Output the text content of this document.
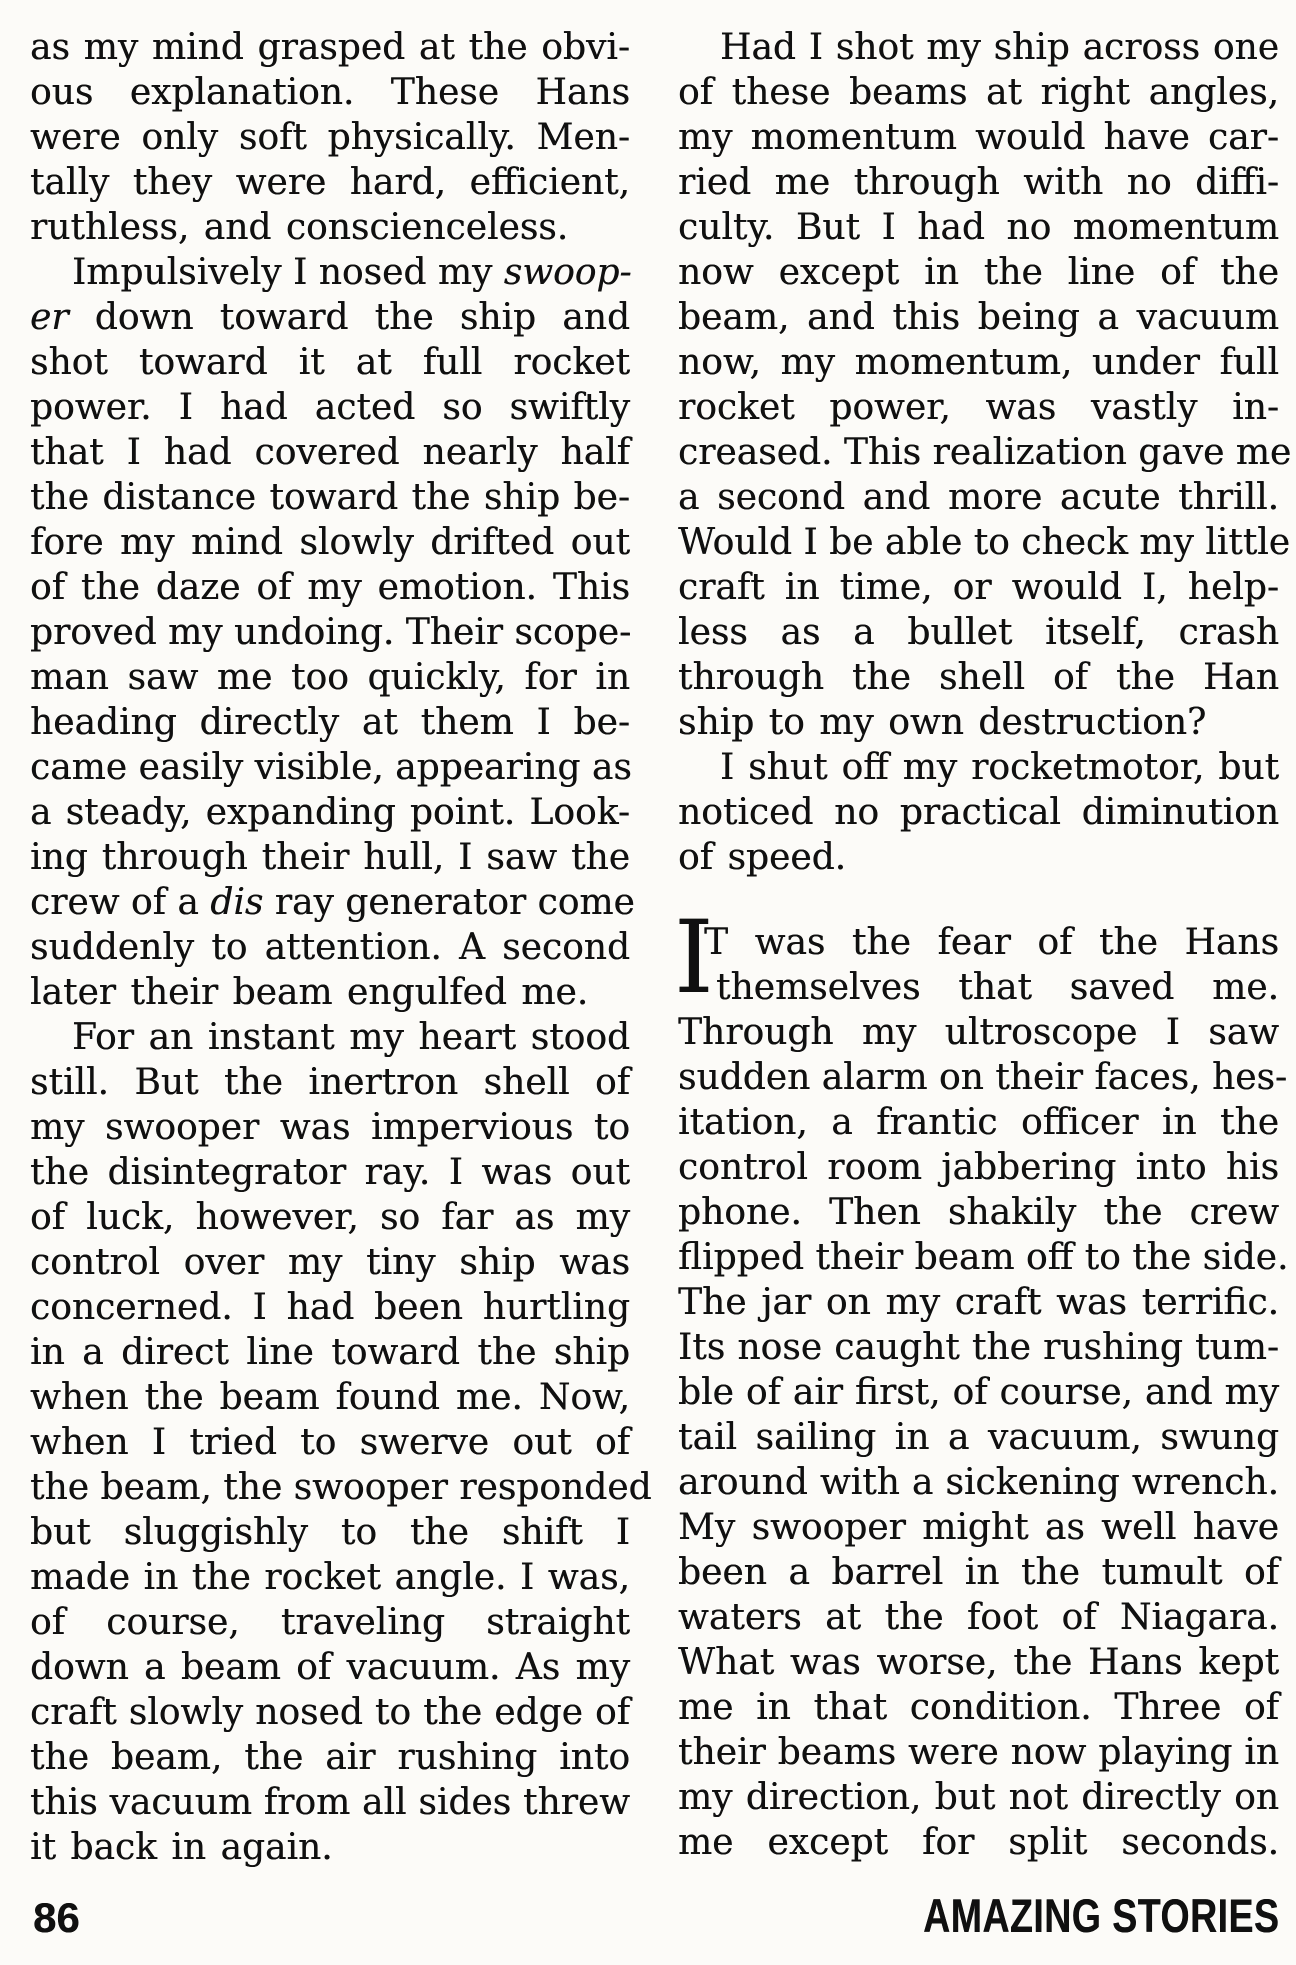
as my mind grasped at the obvi-
ous explanation. These Hans
were only soft physically. Men-
tally they were hard, efficient,
ruthless, and conscienceless.
Impulsively I nosed my swoop-
er down toward the ship and
shot toward it at full rocket
power. I had acted so swiftly
that I had covered nearly half
the distance toward the ship be-
fore my mind slowly drifted out
of the daze of my emotion. This
proved my undoing. Their scope-
man saw me too quickly, for in
heading directly at them I be-
came easily visible, appearing as
a steady, expanding point. Look-
ing through their hull, I saw the
crew of a dis ray generator come
suddenly to attention. A second
later their beam engulfed me.
For an instant my heart stood
still. But the inertron shell of
my swooper was impervious to
the disintegrator ray. I was out
of luck, however, so far as my
control over my tiny ship was
concerned. I had been hurtling
in a direct line toward the ship
when the beam found me. Now,
when I tried to swerve out of
the beam, the swooper responded
but sluggishly to the shift I
made in the rocket angle. I was,
of course, traveling straight
down a beam of vacuum. As my
craft slowly nosed to the edge of
the beam, the air rushing into
this vacuum from all sides threw
it back in again.
Had I shot my ship across one
of these beams at right angles,
my momentum would have car-
ried me through with no diffi-
culty. But I had no momentum
now except in the line of the
beam, and this being a vacuum
now, my momentum, under full
rocket power, was vastly in-
creased. This realization gave me
a second and more acute thrill.
Would I be able to check my little
craft in time, or would I, help-
less as a bullet itself, crash
through the shell of the Han
ship to my own destruction?
I shut off my rocketmotor, but
noticed no practical diminution
of speed.
I
T was the fear of the Hans
themselves that saved me.
Through my ultroscope I saw
sudden alarm on their faces, hes-
itation, a frantic officer in the
control room jabbering into his
phone. Then shakily the crew
flipped their beam off to the side.
The jar on my craft was terrific.
Its nose caught the rushing tum-
ble of air first, of course, and my
tail sailing in a vacuum, swung
around with a sickening wrench.
My swooper might as well have
been a barrel in the tumult of
waters at the foot of Niagara.
What was worse, the Hans kept
me in that condition. Three of
their beams were now playing in
my direction, but not directly on
me except for split seconds.
86	AMAZING STORIES
